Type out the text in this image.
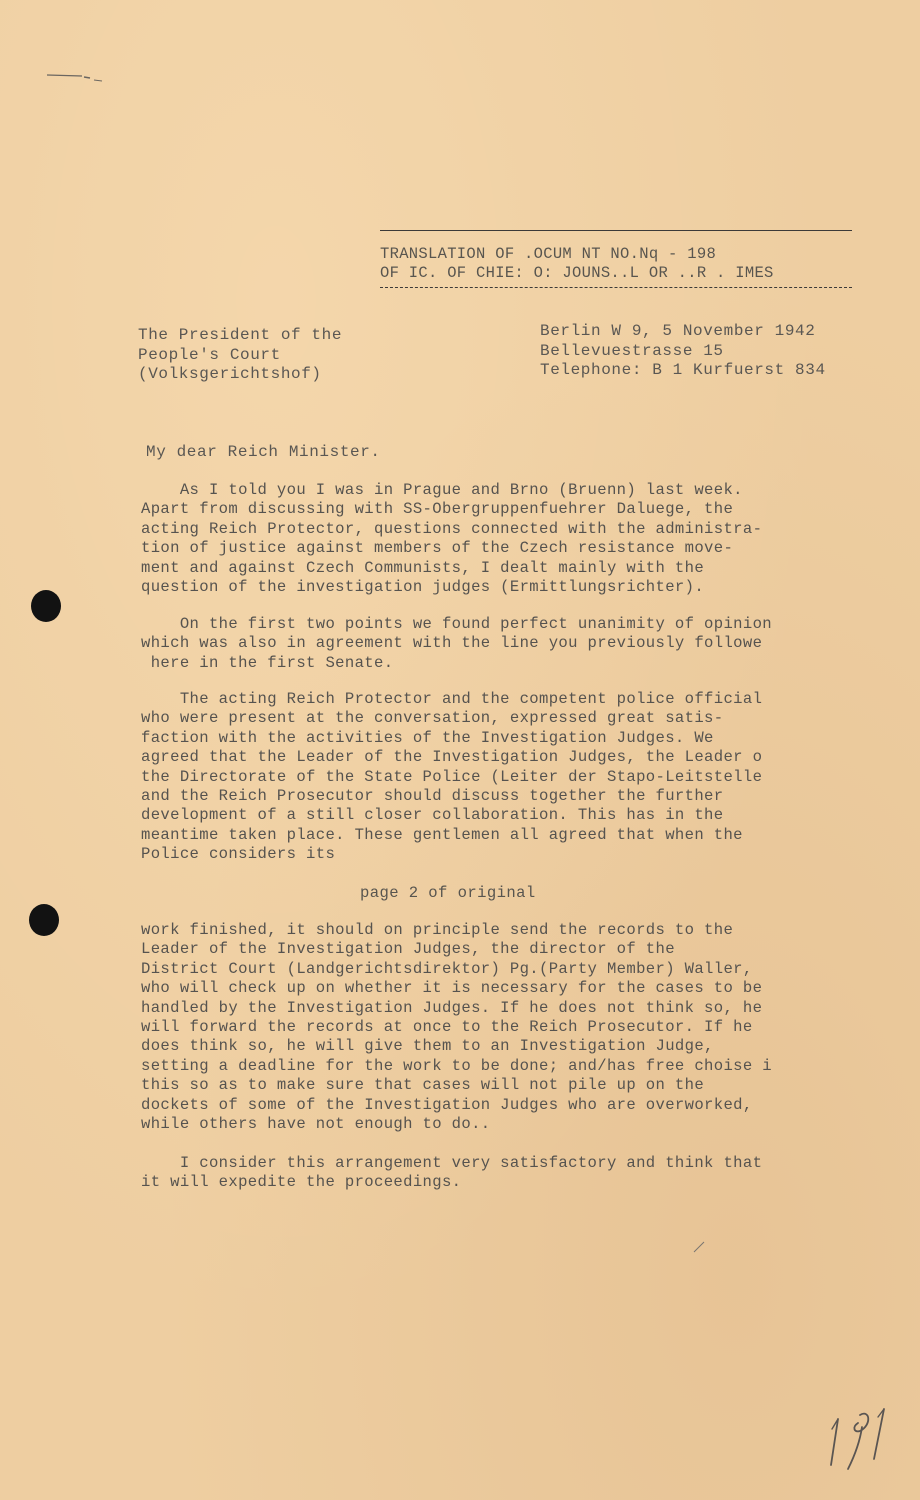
TRANSLATION OF .OCUM NT NO.Nq - 198
OF IC. OF CHIE: O: JOUNS..L OR ..R . IMES
The President of the
People's Court
(Volksgerichtshof)
Berlin W 9, 5 November 1942
Bellevuestrasse 15
Telephone: B 1 Kurfuerst 834
My dear Reich Minister.
As I told you I was in Prague and Brno (Bruenn) last week.
Apart from discussing with SS-Obergruppenfuehrer Daluege, the
acting Reich Protector, questions connected with the administra-
tion of justice against members of the Czech resistance move-
ment and against Czech Communists, I dealt mainly with the
question of the investigation judges (Ermittlungsrichter).
On the first two points we found perfect unanimity of opinion
which was also in agreement with the line you previously followe
here in the first Senate.
The acting Reich Protector and the competent police official
who were present at the conversation, expressed great satis-
faction with the activities of the Investigation Judges. We
agreed that the Leader of the Investigation Judges, the Leader o
the Directorate of the State Police (Leiter der Stapo-Leitstelle
and the Reich Prosecutor should discuss together the further
development of a still closer collaboration. This has in the
meantime taken place. These gentlemen all agreed that when the
Police considers its
page 2 of original
work finished, it should on principle send the records to the
Leader of the Investigation Judges, the director of the
District Court (Landgerichtsdirektor) Pg.(Party Member) Waller,
who will check up on whether it is necessary for the cases to be
handled by the Investigation Judges. If he does not think so, he
will forward the records at once to the Reich Prosecutor. If he
does think so, he will give them to an Investigation Judge,
setting a deadline for the work to be done; and/has free choise i
this so as to make sure that cases will not pile up on the
dockets of some of the Investigation Judges who are overworked,
while others have not enough to do..
I consider this arrangement very satisfactory and think that
it will expedite the proceedings.
